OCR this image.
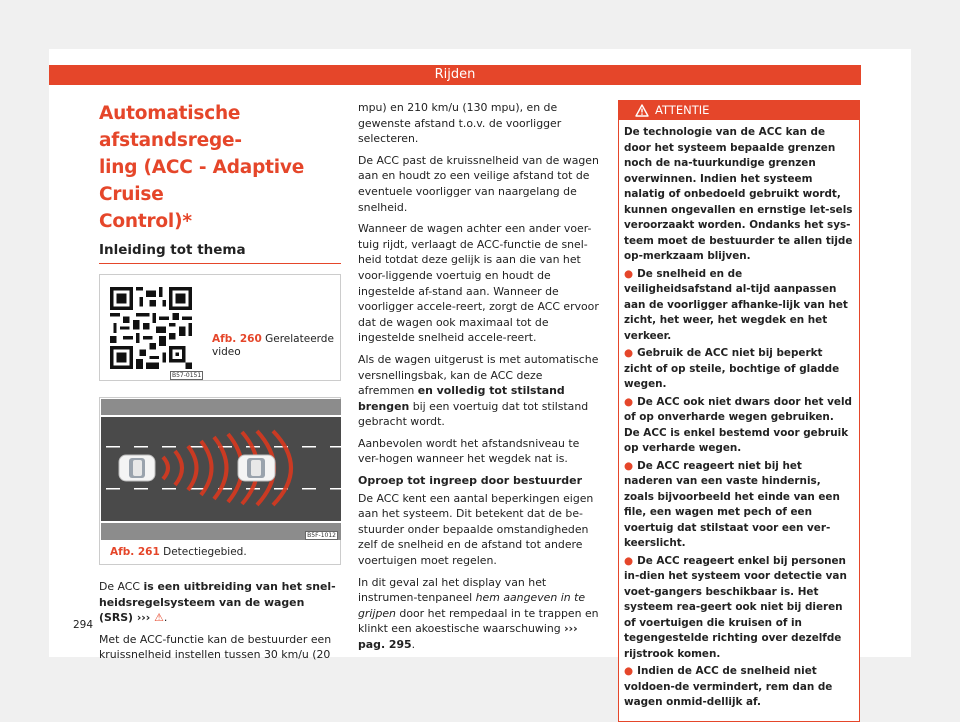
Rijden
Automatische afstandsrege-
ling (ACC - Adaptive Cruise
Control)*
Inleiding tot thema
B57-0151
Afb. 260 Gerelateerde video
B5F-1012
Afb. 261 Detectiegebied.

De ACC is een uitbreiding van het snel-heidsregelsysteem van de wagen (SRS) ››› ⚠.

Met de ACC-functie kan de bestuurder een kruissnelheid instellen tussen 30 km/u (20

mpu) en 210 km/u (130 mpu), en de gewenste afstand t.o.v. de voorligger selecteren.

De ACC past de kruissnelheid van de wagen aan en houdt zo een veilige afstand tot de eventuele voorligger van naargelang de snelheid.

Wanneer de wagen achter een ander voer-tuig rijdt, verlaagt de ACC-functie de snel-heid totdat deze gelijk is aan die van het voor-liggende voertuig en houdt de ingestelde af-stand aan. Wanneer de voorligger accele-reert, zorgt de ACC ervoor dat de wagen ook maximaal tot de ingestelde snelheid accele-reert.

Als de wagen uitgerust is met automatische versnellingsbak, kan de ACC deze afremmen en volledig tot stilstand brengen bij een voertuig dat tot stilstand gebracht wordt.

Aanbevolen wordt het afstandsniveau te ver-hogen wanneer het wegdek nat is.

Oproep tot ingreep door bestuurder

De ACC kent een aantal beperkingen eigen aan het systeem. Dit betekent dat de be-stuurder onder bepaalde omstandigheden zelf de snelheid en de afstand tot andere voertuigen moet regelen.

In dit geval zal het display van het instrumen-tenpaneel hem aangeven in te grijpen door het rempedaal in te trappen en klinkt een akoestische waarschuwing ››› pag. 295.

ATTENTIE

De technologie van de ACC kan de door het systeem bepaalde grenzen noch de na-tuurkundige grenzen overwinnen. Indien het systeem nalatig of onbedoeld gebruikt wordt, kunnen ongevallen en ernstige let-sels veroorzaakt worden. Ondanks het sys-teem moet de bestuurder te allen tijde op-merkzaam blijven.

● De snelheid en de veiligheidsafstand al-tijd aanpassen aan de voorligger afhanke-lijk van het zicht, het weer, het wegdek en het verkeer.

● Gebruik de ACC niet bij beperkt zicht of op steile, bochtige of gladde wegen.

● De ACC ook niet dwars door het veld of op onverharde wegen gebruiken. De ACC is enkel bestemd voor gebruik op verharde wegen.

● De ACC reageert niet bij het naderen van een vaste hindernis, zoals bijvoorbeeld het einde van een file, een wagen met pech of een voertuig dat stilstaat voor een ver-keerslicht.

● De ACC reageert enkel bij personen in-dien het systeem voor detectie van voet-gangers beschikbaar is. Het systeem rea-geert ook niet bij dieren of voertuigen die kruisen of in tegengestelde richting over dezelfde rijstrook komen.

● Indien de ACC de snelheid niet voldoen-de vermindert, rem dan de wagen onmid-dellijk af.

294
